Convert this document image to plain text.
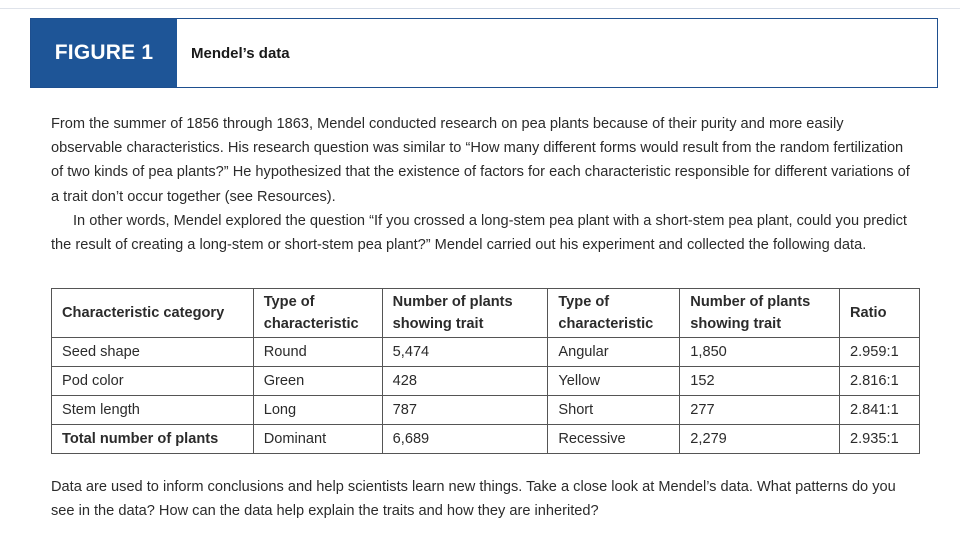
FIGURE 1	Mendel’s data

From the summer of 1856 through 1863, Mendel conducted research on pea plants because of their purity and more easily observable characteristics. His research question was similar to “How many different forms would result from the random fertilization of two kinds of pea plants?” He hypothesized that the existence of factors for each characteristic responsible for different variations of a trait don’t occur together (see Resources).

In other words, Mendel explored the question “If you crossed a long-stem pea plant with a short-stem pea plant, could you predict the result of creating a long-stem or short-stem pea plant?” Mendel carried out his experiment and collected the following data.

Characteristic category	Type of characteristic	Number of plants showing trait	Type of characteristic	Number of plants showing trait	Ratio
Seed shape	Round	5,474	Angular	1,850	2.959:1
Pod color	Green	428	Yellow	152	2.816:1
Stem length	Long	787	Short	277	2.841:1
Total number of plants	Dominant	6,689	Recessive	2,279	2.935:1

Data are used to inform conclusions and help scientists learn new things. Take a close look at Mendel’s data. What patterns do you see in the data? How can the data help explain the traits and how they are inherited?
